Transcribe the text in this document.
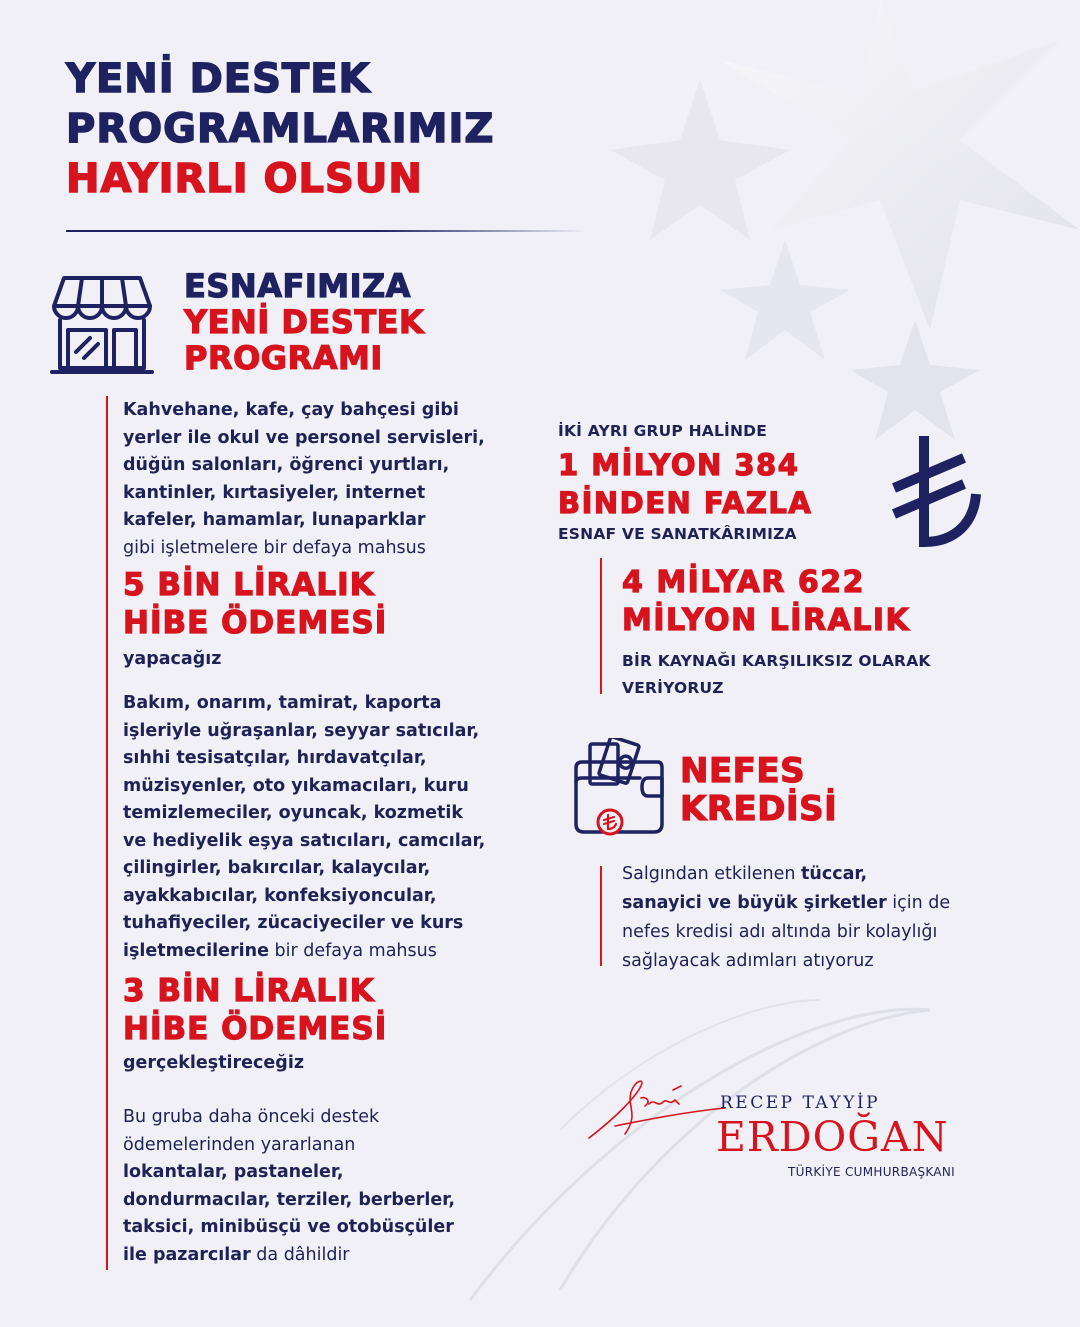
YENİ DESTEK
PROGRAMLARIMIZ
HAYIRLI OLSUN
ESNAFIMIZA
YENİ DESTEK
PROGRAMI
Kahvehane, kafe, çay bahçesi gibi
yerler ile okul ve personel servisleri,
düğün salonları, öğrenci yurtları,
kantinler, kırtasiyeler, internet
kafeler, hamamlar, lunaparklar
gibi işletmelere bir defaya mahsus
5 BİN LİRALIK
HİBE ÖDEMESİ
yapacağız
Bakım, onarım, tamirat, kaporta
işleriyle uğraşanlar, seyyar satıcılar,
sıhhi tesisatçılar, hırdavatçılar,
müzisyenler, oto yıkamacıları, kuru
temizlemeciler, oyuncak, kozmetik
ve hediyelik eşya satıcıları, camcılar,
çilingirler, bakırcılar, kalaycılar,
ayakkabıcılar, konfeksiyoncular,
tuhafiyeciler, zücaciyeciler ve kurs
işletmecilerine bir defaya mahsus
3 BİN LİRALIK
HİBE ÖDEMESİ
gerçekleştireceğiz
Bu gruba daha önceki destek
ödemelerinden yararlanan
lokantalar, pastaneler,
dondurmacılar, terziler, berberler,
taksici, minibüsçü ve otobüsçüler
ile pazarcılar da dâhildir
İKİ AYRI GRUP HALİNDE
1 MİLYON 384
BİNDEN FAZLA
ESNAF VE SANATKÂRIMIZA
4 MİLYAR 622
MİLYON LİRALIK
BİR KAYNAĞI KARŞILIKSIZ OLARAK
VERİYORUZ
NEFES
KREDİSİ
Salgından etkilenen tüccar,
sanayici ve büyük şirketler için de
nefes kredisi adı altında bir kolaylığı
sağlayacak adımları atıyoruz
RECEP TAYYİP
ERDOĞAN
TÜRKİYE CUMHURBAŞKANI
